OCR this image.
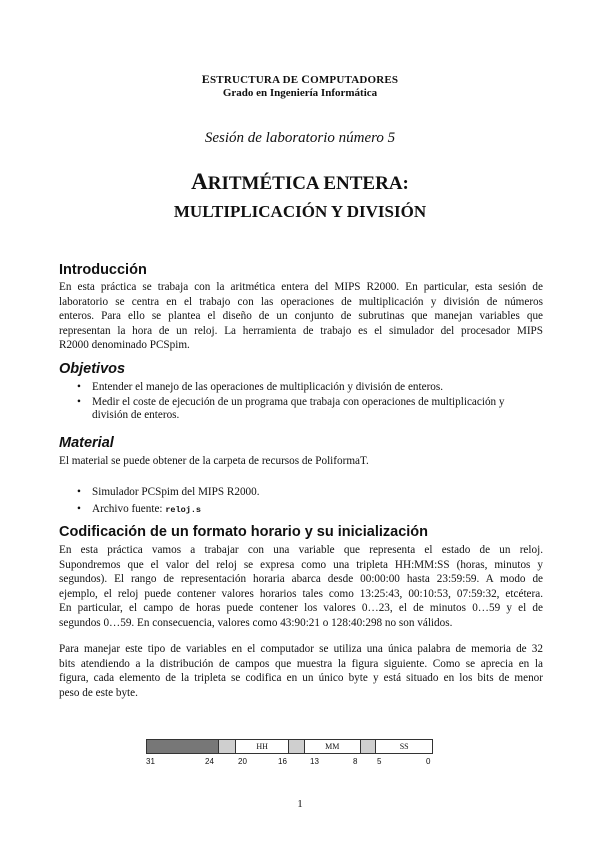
ESTRUCTURA DE COMPUTADORES
Grado en Ingeniería Informática
Sesión de laboratorio número 5
ARITMÉTICA ENTERA:
MULTIPLICACIÓN Y DIVISIÓN
Introducción
En esta práctica se trabaja con la aritmética entera del MIPS R2000. En particular, esta sesión de
laboratorio se centra en el trabajo con las operaciones de multiplicación y división de números
enteros. Para ello se plantea el diseño de un conjunto de subrutinas que manejan variables que
representan la hora de un reloj. La herramienta de trabajo es el simulador del procesador MIPS
R2000 denominado PCSpim.
Objetivos
• Entender el manejo de las operaciones de multiplicación y división de enteros.
• Medir el coste de ejecución de un programa que trabaja con operaciones de multiplicación y división de enteros.
Material
El material se puede obtener de la carpeta de recursos de PoliformaT.
• Simulador PCSpim del MIPS R2000.
• Archivo fuente: reloj.s
Codificación de un formato horario y su inicialización
En esta práctica vamos a trabajar con una variable que representa el estado de un reloj.
Supondremos que el valor del reloj se expresa como una tripleta HH:MM:SS (horas, minutos y
segundos). El rango de representación horaria abarca desde 00:00:00 hasta 23:59:59. A modo de
ejemplo, el reloj puede contener valores horarios tales como 13:25:43, 00:10:53, 07:59:32, etcétera.
En particular, el campo de horas puede contener los valores 0…23, el de minutos 0…59 y el de
segundos 0…59. En consecuencia, valores como 43:90:21 o 128:40:298 no son válidos.
Para manejar este tipo de variables en el computador se utiliza una única palabra de memoria de 32
bits atendiendo a la distribución de campos que muestra la figura siguiente. Como se aprecia en la
figura, cada elemento de la tripleta se codifica en un único byte y está situado en los bits de menor
peso de este byte.
HH	MM	SS
31	24	20	16	13	8 5	0
1
